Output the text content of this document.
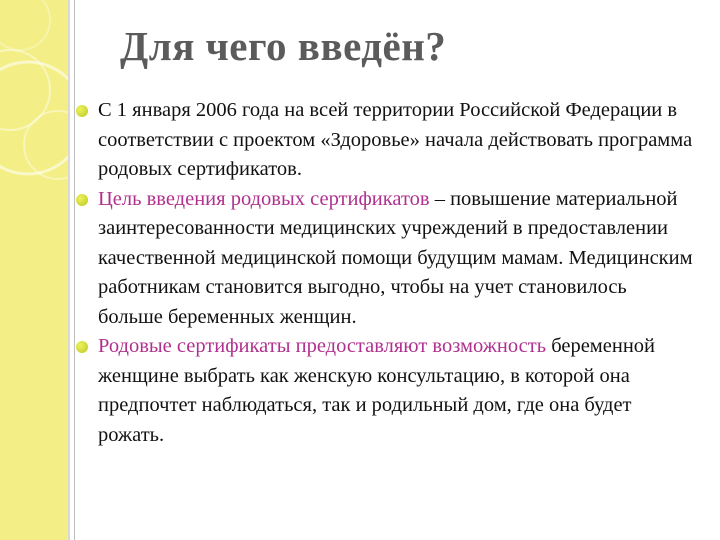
Для чего введён?
С 1 января 2006 года на всей территории Российской Федерации в соответствии с проектом «Здоровье» начала действовать программа родовых сертификатов.
Цель введения родовых сертификатов – повышение материальной заинтересованности медицинских учреждений в предоставлении качественной медицинской помощи будущим мамам. Медицинским работникам становится выгодно, чтобы на учет становилось больше беременных женщин.
Родовые сертификаты предоставляют возможность беременной женщине выбрать как женскую консультацию, в которой она предпочтет наблюдаться, так и родильный дом, где она будет рожать.
